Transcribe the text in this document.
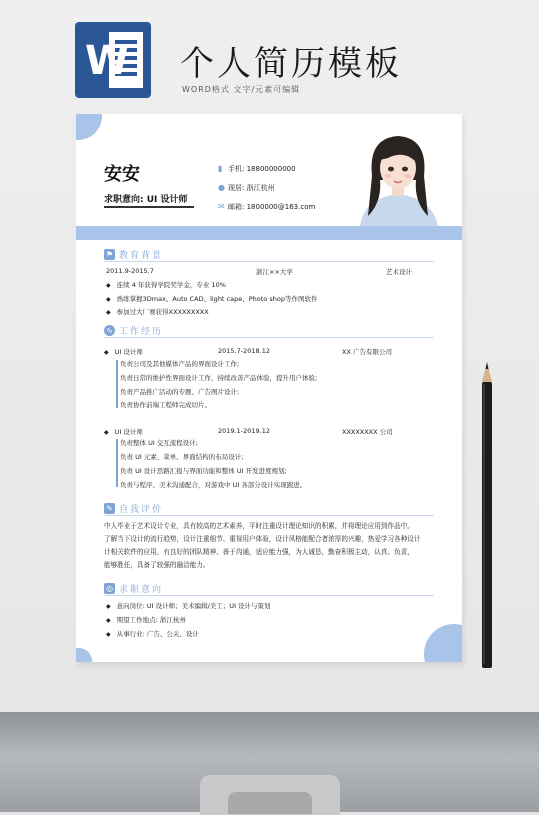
W 个人简历模板
WORD格式 文字/元素可编辑
安安
求职意向: UI 设计师
▮ 手机: 18800000000
● 现居: 浙江杭州
✉ 邮箱: 1800000@163.com
⚑ 教育背景
2011.9-2015.7	浙江××大学	艺术设计
◆ 连续 4 年获得学院奖学金，专业 10%
◆ 熟练掌握3Dmax、Auto CAD、light cape、Photo shop等作图软件
◆ 参加过大厂赛获得XXXXXXXXX
∿ 工作经历
◆ UI 设计师	2015.7-2018.12	XX 广告有限公司
负责公司及其他媒体产品的界面设计工作;
负责日常的维护性界面设计工作，持续改善产品体验，提升用户体验;
负责产品推广活动的专题、广告图片设计;
负责协作前端工程师完成切片。
◆ UI 设计师	2019.1-2019.12	XXXXXXXX 公司
负责整体 UI 交互流程设计;
负责 UI 元素、菜单、界面结构的布局设计;
负责 UI 设计思路汇报与界面功能和整体 UI 开发进度规划;
负责与程序、美术沟通配合，对游戏中 UI 各部分设计实现跟进。
✎ 自我评价
中人毕业于艺术设计专业，具有较高的艺术素养，平时注重设计理论知识的积累，并将理论应用到作品中。
了解当下设计的流行趋势，设计注重细节、重视用户体验，设计风格能配合者浓厚的兴趣，热爱学习各种设计
计相关软件的应用，有良好的团队精神、善于沟通，适应能力强，为人诚恳，勤奋积极主动，认真、负责，
能够胜任，具备了较强的融洽能力。
◎ 求职意向
◆ 意向岗位: UI 设计师；美术编辑/美工；UI 设计与策划
◆ 期望工作地点: 浙江杭州
◆ 从事行业: 广告、公关、设计
